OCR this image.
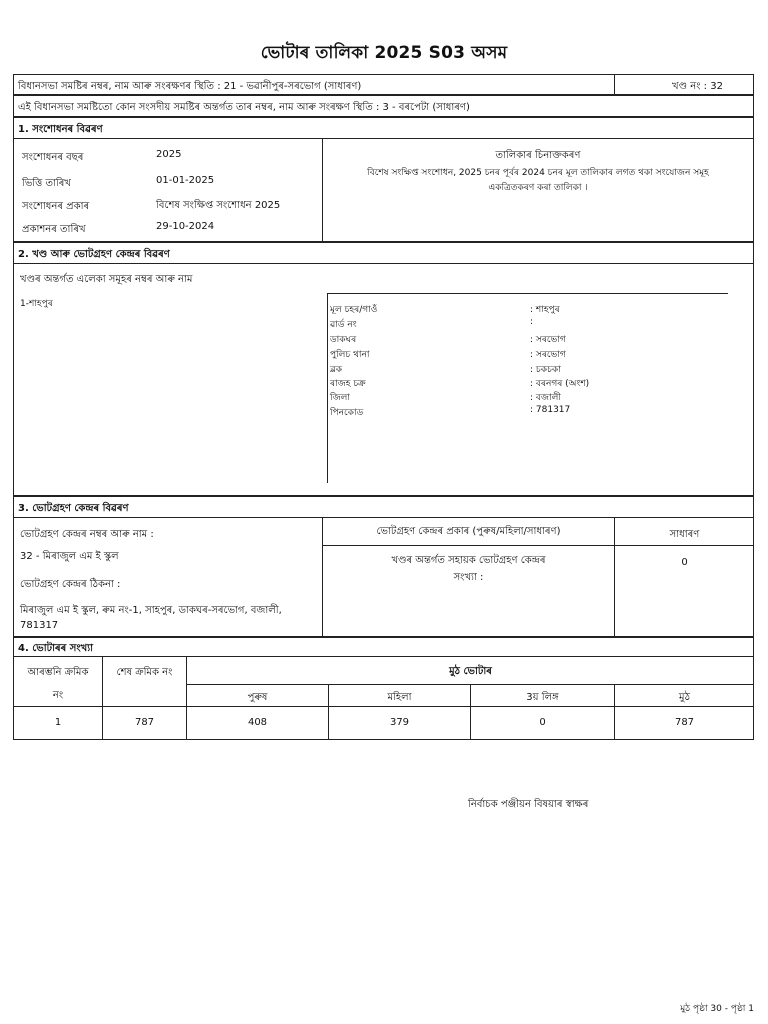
ভোটাৰ তালিকা 2025 S03 অসম
বিধানসভা সমষ্টিৰ নম্বৰ, নাম আৰু সংৰক্ষণৰ স্থিতি : 21 - ভৱানীপুৰ-সৰভোগ (সাধাৰণ)	খণ্ড নং : 32
এই বিধানসভা সমষ্টিতো কোন সংসদীয় সমষ্টিৰ অন্তৰ্গত তাৰ নম্বৰ, নাম আৰু সংৰক্ষণ স্থিতি : 3 - বৰপেটা (সাধাৰণ)
1. সংশোধনৰ বিৱৰণ
সংশোধনৰ বছৰ	2025
ভিত্তি তাৰিখ	01-01-2025
সংশোধনৰ প্ৰকাৰ	বিশেষ সংক্ষিপ্ত সংশোধন 2025
প্ৰকাশনৰ তাৰিখ	29-10-2024
তালিকাৰ চিনাক্তকৰণ
বিশেষ সংক্ষিপ্ত সংশোধন, 2025 চনৰ পূৰ্বৰ 2024 চনৰ মূল তালিকাৰ লগত থকা সংযোজন সমূহ
একত্ৰিতকৰণ কৰা তালিকা ।
2. খণ্ড আৰু ভোটগ্ৰহণ কেন্দ্ৰৰ বিৱৰণ
খণ্ডৰ অন্তৰ্গত এলেকা সমূহৰ নম্বৰ আৰু নাম
1-শাহপুৰ
মূল চহৰ/গাওঁ	: শাহপুৰ
ৱাৰ্ড নং	:
ডাকঘৰ	: সৰভোগ
পুলিচ থানা	: সৰভোগ
ব্লক	: চকচকা
ৰাজহ চক্ৰ	: বৰনগৰ (অংশ)
জিলা	: বজালী
পিনকোড	: 781317
3. ভোটগ্ৰহণ কেন্দ্ৰৰ বিৱৰণ
ভোটগ্ৰহণ কেন্দ্ৰৰ নম্বৰ আৰু নাম :
32 - মিৰাজুল এম ই স্কুল
ভোটগ্ৰহণ কেন্দ্ৰৰ ঠিকনা :
মিৰাজুল এম ই স্কুল, ৰুম নং-1, সাহপুৰ, ডাকঘৰ-সৰভোগ, বজালী,
781317
ভোটগ্ৰহণ কেন্দ্ৰৰ প্ৰকাৰ (পুৰুষ/মহিলা/সাধাৰণ)	সাধাৰণ
খণ্ডৰ অন্তৰ্গত সহায়ক ভোটগ্ৰহণ কেন্দ্ৰৰ
সংখ্যা :
0
4. ভোটাৰৰ সংখ্যা
আৰম্ভনি ক্ৰমিক
নং
শেষ ক্ৰমিক নং	মুঠ ভোটাৰ
পুৰুষ	মহিলা	3য় লিঙ্গ	মুঠ
1	787	408	379	0	787
নিৰ্বাচক পঞ্জীয়ন বিষয়াৰ স্বাক্ষৰ
মুঠ পৃষ্ঠা 30 - পৃষ্ঠা 1
